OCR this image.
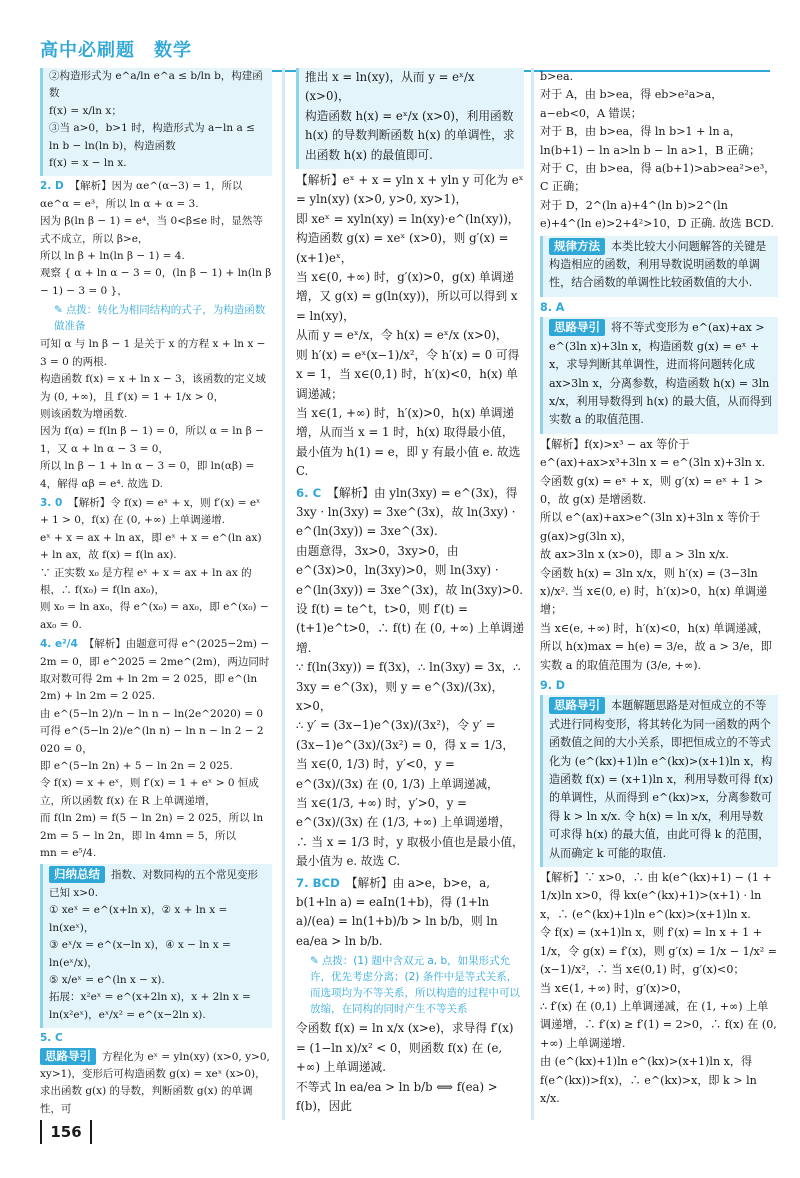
高中必刷题　数学

②构造形式为 e^a/ln e^a ≤ b/ln b，构建函数

f(x) = x/ln x；

③当 a>0，b>1 时，构造形式为 a−ln a ≤ ln b − ln(ln b)，构造函数

f(x) = x − ln x.

2. D 【解析】因为 αe^(α−3) = 1，所以 αe^α = e³，所以 ln α + α = 3.

因为 β(ln β − 1) = e⁴，当 0<β≤e 时，显然等式不成立，所以 β>e，

所以 ln β + ln(ln β − 1) = 4.

观察 { α + ln α − 3 = 0，(ln β − 1) + ln(ln β − 1) − 3 = 0 }，

✎ 点拨：转化为相同结构的式子，为构造函数做准备

可知 α 与 ln β − 1 是关于 x 的方程 x + ln x − 3 = 0 的两根.

构造函数 f(x) = x + ln x − 3，该函数的定义域为 (0, +∞)，且 f′(x) = 1 + 1/x > 0，

则该函数为增函数.

因为 f(α) = f(ln β − 1) = 0，所以 α = ln β − 1，又 α + ln α − 3 = 0，

所以 ln β − 1 + ln α − 3 = 0，即 ln(αβ) = 4，解得 αβ = e⁴. 故选 D.

3. 0 【解析】令 f(x) = eˣ + x，则 f′(x) = eˣ + 1 > 0，f(x) 在 (0, +∞) 上单调递增.

eˣ + x = ax + ln ax，即 eˣ + x = e^(ln ax) + ln ax，故 f(x) = f(ln ax).

∵ 正实数 x₀ 是方程 eˣ + x = ax + ln ax 的根，∴ f(x₀) = f(ln ax₀)，

则 x₀ = ln ax₀，得 e^(x₀) = ax₀，即 e^(x₀) − ax₀ = 0.

4. e²/4 【解析】由题意可得 e^(2025−2m) − 2m = 0，即 e^2025 = 2me^(2m)，两边同时取对数可得 2m + ln 2m = 2 025，即 e^(ln 2m) + ln 2m = 2 025.

由 e^(5−ln 2)/n − ln n − ln(2e^2020) = 0 可得 e^(5−ln 2)/e^(ln n) − ln n − ln 2 − 2 020 = 0，

即 e^(5−ln 2n) + 5 − ln 2n = 2 025.

令 f(x) = x + eˣ，则 f′(x) = 1 + eˣ > 0 恒成立，所以函数 f(x) 在 R 上单调递增，

而 f(ln 2m) = f(5 − ln 2n) = 2 025，所以 ln 2m = 5 − ln 2n，即 ln 4mn = 5，所以

mn = e⁵/4.

归纳总结 指数、对数同构的五个常见变形

已知 x>0.

① xeˣ = e^(x+ln x)，② x + ln x = ln(xeˣ)，

③ eˣ/x = e^(x−ln x)，④ x − ln x = ln(eˣ/x)，

⑤ x/eˣ = e^(ln x − x).

拓展：x²eˣ = e^(x+2ln x)，x + 2ln x = ln(x²eˣ)，eˣ/x² = e^(x−2ln x).

5. C

思路导引 方程化为 eˣ = yln(xy) (x>0, y>0, xy>1)，变形后可构造函数 g(x) = xeˣ (x>0)，求出函数 g(x) 的导数，判断函数 g(x) 的单调性，可

推出 x = ln(xy)，从而 y = eˣ/x (x>0)，

构造函数 h(x) = eˣ/x (x>0)，利用函数 h(x) 的导数判断函数 h(x) 的单调性，求出函数 h(x) 的最值即可.

【解析】eˣ + x = yln x + yln y 可化为 eˣ = yln(xy) (x>0, y>0, xy>1)，

即 xeˣ = xyln(xy) = ln(xy)·e^(ln(xy))，

构造函数 g(x) = xeˣ (x>0)，则 g′(x) = (x+1)eˣ，

当 x∈(0, +∞) 时，g′(x)>0，g(x) 单调递增，又 g(x) = g(ln(xy))，所以可以得到 x = ln(xy)，

从而 y = eˣ/x，令 h(x) = eˣ/x (x>0)，

则 h′(x) = eˣ(x−1)/x²，令 h′(x) = 0 可得 x = 1，当 x∈(0,1) 时，h′(x)<0，h(x) 单调递减；

当 x∈(1, +∞) 时，h′(x)>0，h(x) 单调递增，从而当 x = 1 时，h(x) 取得最小值，最小值为 h(1) = e，即 y 有最小值 e. 故选 C.

6. C 【解析】由 yln(3xy) = e^(3x)，得 3xy · ln(3xy) = 3xe^(3x)，故 ln(3xy) · e^(ln(3xy)) = 3xe^(3x).

由题意得，3x>0，3xy>0，由 e^(3x)>0，ln(3xy)>0，则 ln(3xy) · e^(ln(3xy)) = 3xe^(3x)，故 ln(3xy)>0.

设 f(t) = te^t，t>0，则 f′(t) = (t+1)e^t>0，∴ f(t) 在 (0, +∞) 上单调递增.

∵ f(ln(3xy)) = f(3x)，∴ ln(3xy) = 3x，∴ 3xy = e^(3x)，则 y = e^(3x)/(3x)，x>0，

∴ y′ = (3x−1)e^(3x)/(3x²)，令 y′ = (3x−1)e^(3x)/(3x²) = 0，得 x = 1/3，

当 x∈(0, 1/3) 时，y′<0，y = e^(3x)/(3x) 在 (0, 1/3) 上单调递减，

当 x∈(1/3, +∞) 时，y′>0，y = e^(3x)/(3x) 在 (1/3, +∞) 上单调递增，

∴ 当 x = 1/3 时，y 取极小值也是最小值，最小值为 e. 故选 C.

7. BCD 【解析】由 a>e，b>e，a, b(1+ln a) = eaIn(1+b)，得 (1+ln a)/(ea) = ln(1+b)/b > ln b/b，则 ln ea/ea > ln b/b.

✎ 点拨：(1) 题中含双元 a, b，如果形式允许，优先考虑分离；(2) 条件中是等式关系，而选项均为不等关系，所以构造的过程中可以放缩，在同构的同时产生不等关系

令函数 f(x) = ln x/x (x>e)，求导得 f′(x) = (1−ln x)/x² < 0，则函数 f(x) 在 (e, +∞) 上单调递减.

不等式 ln ea/ea > ln b/b ⟺ f(ea) > f(b)，因此

b>ea.

对于 A，由 b>ea，得 eb>e²a>a，a−eb<0，A 错误；

对于 B，由 b>ea，得 ln b>1 + ln a，ln(b+1) − ln a>ln b − ln a>1，B 正确；

对于 C，由 b>ea，得 a(b+1)>ab>ea²>e³，C 正确；

对于 D，2^(ln a)+4^(ln b)>2^(ln e)+4^(ln e)>2+4²>10，D 正确. 故选 BCD.

规律方法 本类比较大小问题解答的关键是构造相应的函数，利用导数说明函数的单调性，结合函数的单调性比较函数值的大小.

8. A

思路导引 将不等式变形为 e^(ax)+ax > e^(3ln x)+3ln x，构造函数 g(x) = eˣ + x，求导判断其单调性，进而将问题转化成 ax>3ln x，分离参数，构造函数 h(x) = 3ln x/x，利用导数得到 h(x) 的最大值，从而得到实数 a 的取值范围.

【解析】f(x)>x³ − ax 等价于 e^(ax)+ax>x³+3ln x = e^(3ln x)+3ln x.

令函数 g(x) = eˣ + x，则 g′(x) = eˣ + 1 > 0，故 g(x) 是增函数.

所以 e^(ax)+ax>e^(3ln x)+3ln x 等价于 g(ax)>g(3ln x)，

故 ax>3ln x (x>0)，即 a > 3ln x/x.

令函数 h(x) = 3ln x/x，则 h′(x) = (3−3ln x)/x². 当 x∈(0, e) 时，h′(x)>0，h(x) 单调递增；

当 x∈(e, +∞) 时，h′(x)<0，h(x) 单调递减，所以 h(x)max = h(e) = 3/e，故 a > 3/e，即实数 a 的取值范围为 (3/e, +∞).

9. D

思路导引 本题解题思路是对恒成立的不等式进行同构变形，将其转化为同一函数的两个函数值之间的大小关系，即把恒成立的不等式化为 (e^(kx)+1)ln e^(kx)>(x+1)ln x，构造函数 f(x) = (x+1)ln x，利用导数可得 f(x) 的单调性，从而得到 e^(kx)>x，分离参数可得 k > ln x/x. 令 h(x) = ln x/x，利用导数可求得 h(x) 的最大值，由此可得 k 的范围，从而确定 k 可能的取值.

【解析】∵ x>0，∴ 由 k(e^(kx)+1) − (1 + 1/x)ln x>0，得 kx(e^(kx)+1)>(x+1) · ln x，∴ (e^(kx)+1)ln e^(kx)>(x+1)ln x.

令 f(x) = (x+1)ln x，则 f′(x) = ln x + 1 + 1/x，令 g(x) = f′(x)，则 g′(x) = 1/x − 1/x² = (x−1)/x²，∴ 当 x∈(0,1) 时，g′(x)<0；

当 x∈(1, +∞) 时，g′(x)>0，

∴ f′(x) 在 (0,1) 上单调递减，在 (1, +∞) 上单调递增，∴ f′(x) ≥ f′(1) = 2>0，∴ f(x) 在 (0, +∞) 上单调递增.

由 (e^(kx)+1)ln e^(kx)>(x+1)ln x，得 f(e^(kx))>f(x)，∴ e^(kx)>x，即 k > ln x/x.

156
